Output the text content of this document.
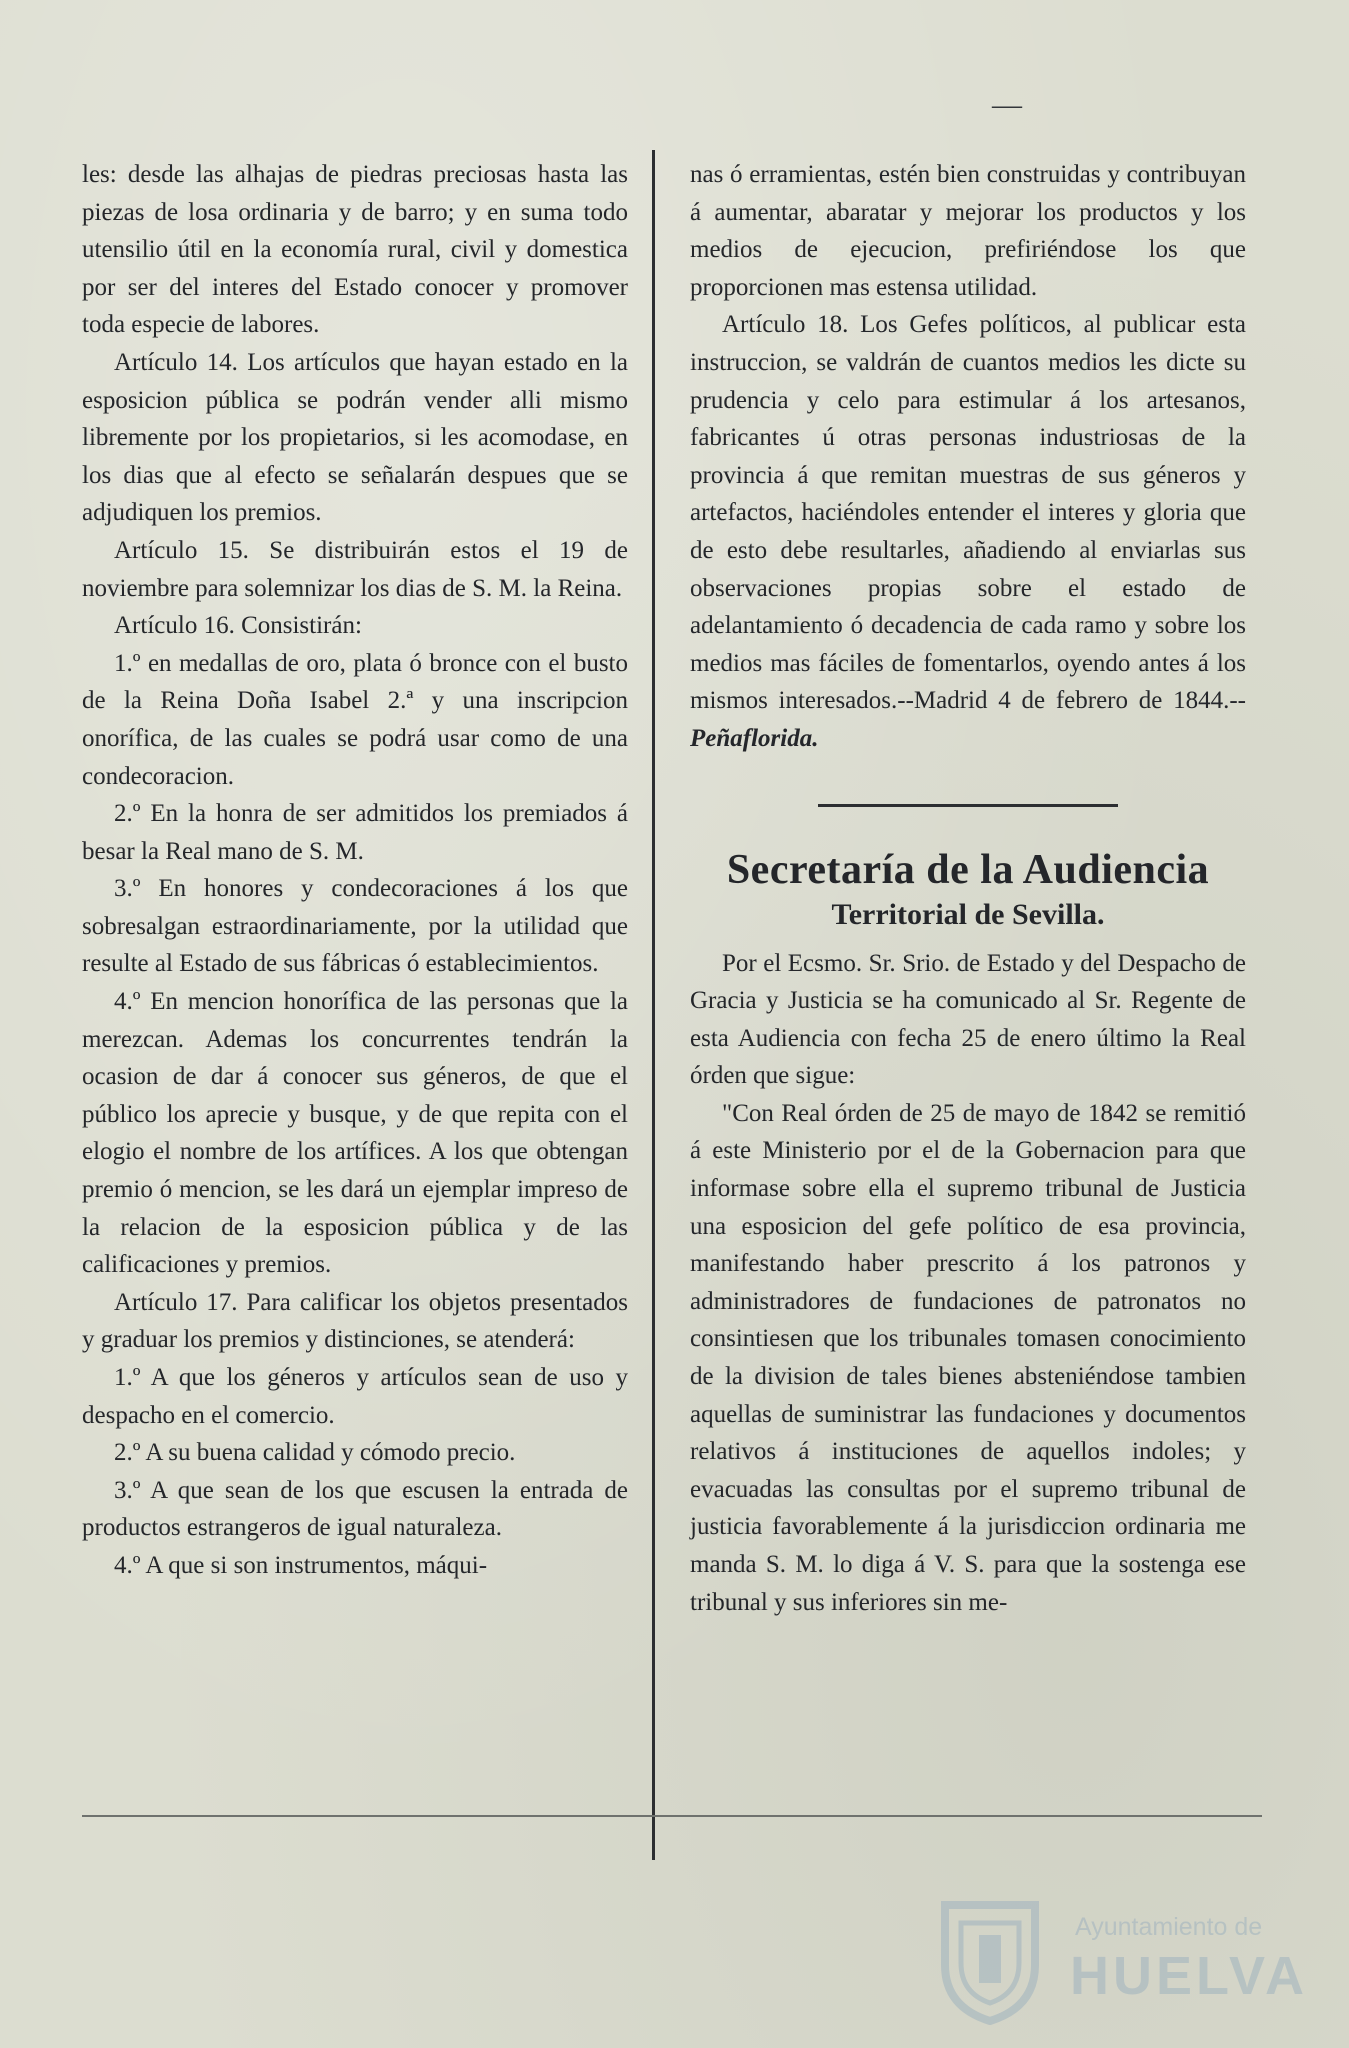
—

les: desde las alhajas de piedras preciosas hasta las piezas de losa ordinaria y de barro; y en suma todo utensilio útil en la economía rural, civil y domestica por ser del interes del Estado conocer y promover toda especie de labores.

Artículo 14. Los artículos que hayan estado en la esposicion pública se podrán vender alli mismo libremente por los propietarios, si les acomodase, en los dias que al efecto se señalarán despues que se adjudiquen los premios.

Artículo 15. Se distribuirán estos el 19 de noviembre para solemnizar los dias de S. M. la Reina.

Artículo 16. Consistirán:

1.º en medallas de oro, plata ó bronce con el busto de la Reina Doña Isabel 2.ª y una inscripcion onorífica, de las cuales se podrá usar como de una condecoracion.

2.º En la honra de ser admitidos los premiados á besar la Real mano de S. M.

3.º En honores y condecoraciones á los que sobresalgan estraordinariamente, por la utilidad que resulte al Estado de sus fábricas ó establecimientos.

4.º En mencion honorífica de las personas que la merezcan. Ademas los concurrentes tendrán la ocasion de dar á conocer sus géneros, de que el público los aprecie y busque, y de que repita con el elogio el nombre de los artífices. A los que obtengan premio ó mencion, se les dará un ejemplar impreso de la relacion de la esposicion pública y de las calificaciones y premios.

Artículo 17. Para calificar los objetos presentados y graduar los premios y distinciones, se atenderá:

1.º A que los géneros y artículos sean de uso y despacho en el comercio.

2.º A su buena calidad y cómodo precio.

3.º A que sean de los que escusen la entrada de productos estrangeros de igual naturaleza.

4.º A que si son instrumentos, máqui-

nas ó erramientas, estén bien construidas y contribuyan á aumentar, abaratar y mejorar los productos y los medios de ejecucion, prefiriéndose los que proporcionen mas estensa utilidad.

Artículo 18. Los Gefes políticos, al publicar esta instruccion, se valdrán de cuantos medios les dicte su prudencia y celo para estimular á los artesanos, fabricantes ú otras personas industriosas de la provincia á que remitan muestras de sus géneros y artefactos, haciéndoles entender el interes y gloria que de esto debe resultarles, añadiendo al enviarlas sus observaciones propias sobre el estado de adelantamiento ó decadencia de cada ramo y sobre los medios mas fáciles de fomentarlos, oyendo antes á los mismos interesados.--Madrid 4 de febrero de 1844.--Peñaflorida.

Secretaría de la Audiencia
Territorial de Sevilla.

Por el Ecsmo. Sr. Srio. de Estado y del Despacho de Gracia y Justicia se ha comunicado al Sr. Regente de esta Audiencia con fecha 25 de enero último la Real órden que sigue:

"Con Real órden de 25 de mayo de 1842 se remitió á este Ministerio por el de la Gobernacion para que informase sobre ella el supremo tribunal de Justicia una esposicion del gefe político de esa provincia, manifestando haber prescrito á los patronos y administradores de fundaciones de patronatos no consintiesen que los tribunales tomasen conocimiento de la division de tales bienes absteniéndose tambien aquellas de suministrar las fundaciones y documentos relativos á instituciones de aquellos indoles; y evacuadas las consultas por el supremo tribunal de justicia favorablemente á la jurisdiccion ordinaria me manda S. M. lo diga á V. S. para que la sostenga ese tribunal y sus inferiores sin me-

Ayuntamiento de
HUELVA
